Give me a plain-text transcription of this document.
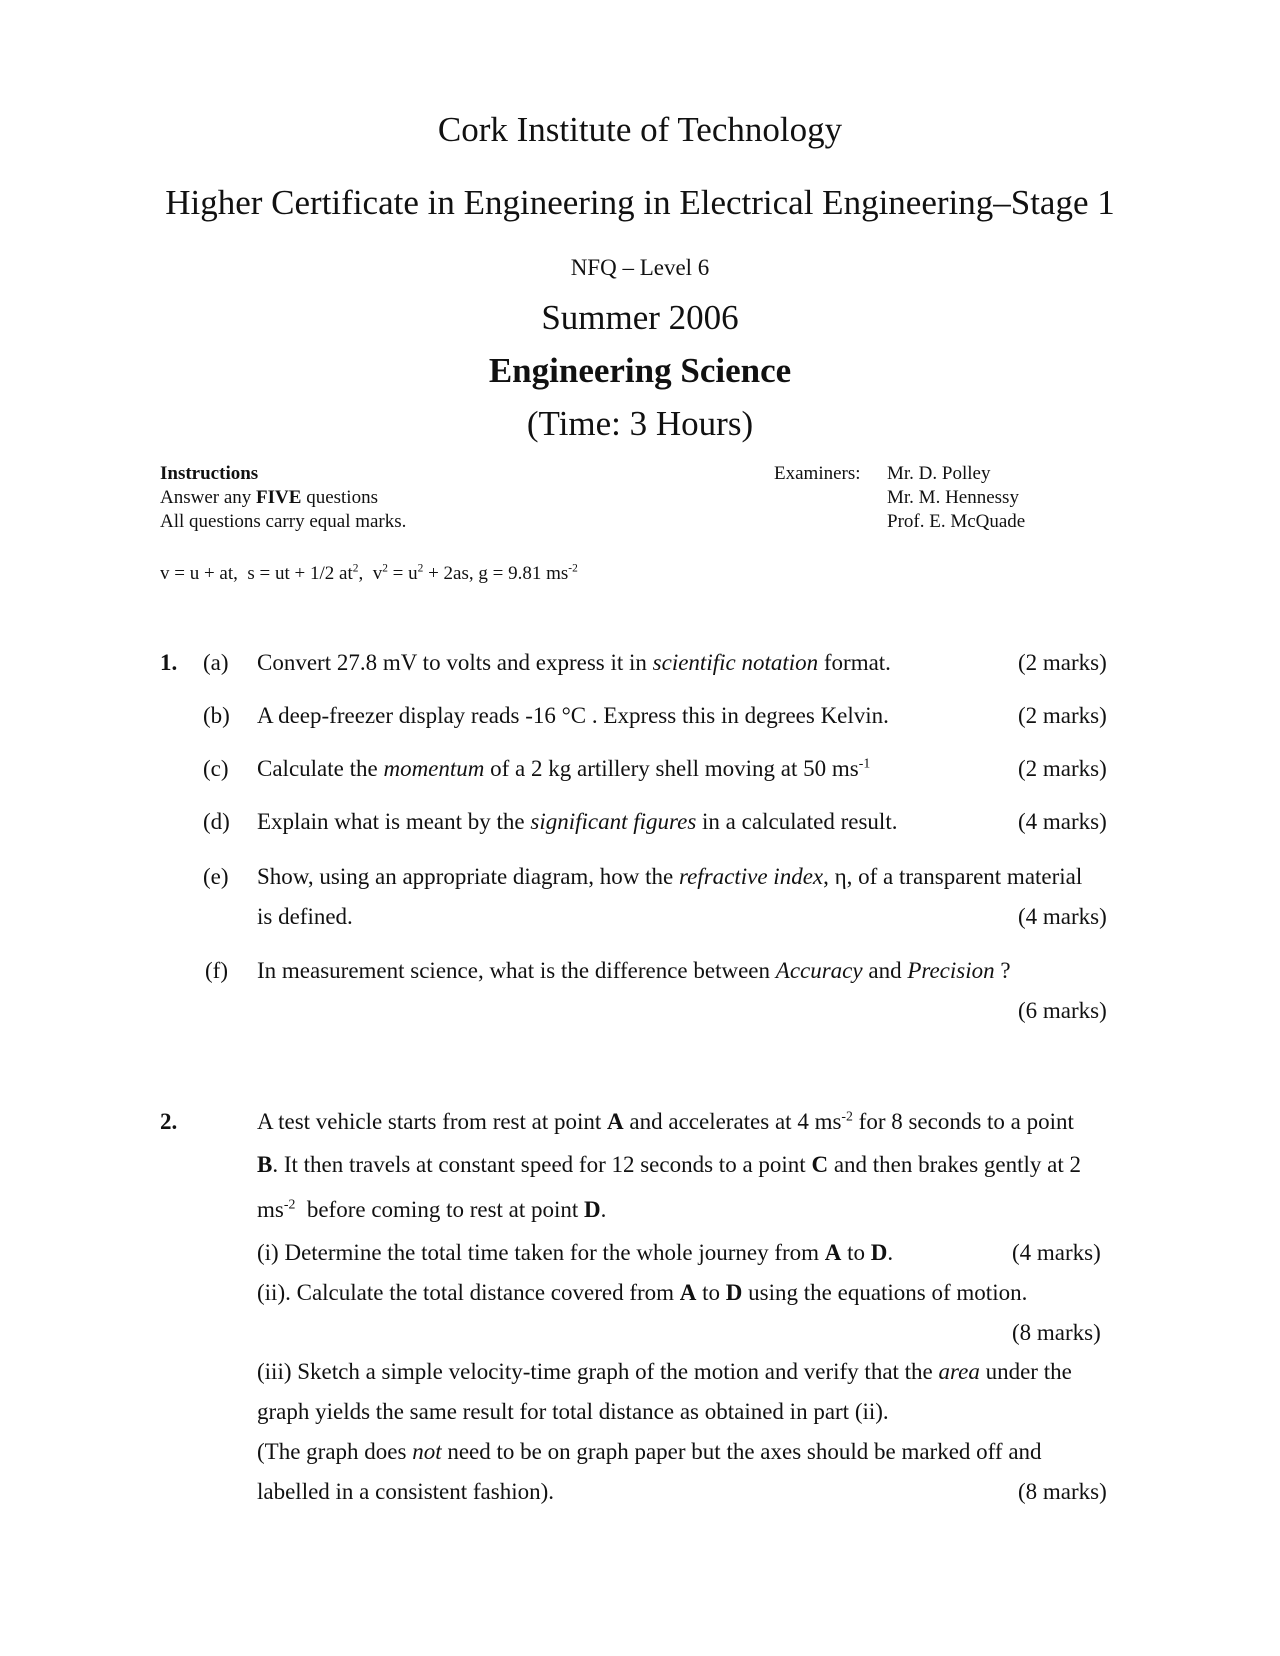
Cork Institute of Technology
Higher Certificate in Engineering in Electrical Engineering–Stage 1
NFQ – Level 6
Summer 2006
Engineering Science
(Time: 3 Hours)
Instructions
Answer any FIVE questions
All questions carry equal marks.
Examiners: Mr. D. Polley
Mr. M. Hennessy
Prof. E. McQuade
v = u + at, s = ut + 1/2 $at^2$, $v^2 = u^2 + 2as$, g = 9.81 $ms^{-2}$
1. (a) Convert 27.8 mV to volts and express it in scientific notation format.	(2 marks)
(b) A deep-freezer display reads -16 °C . Express this in degrees Kelvin.	(2 marks)
(c) Calculate the momentum of a 2 kg artillery shell moving at 50 $ms^{-1}$	(2 marks)
(d) Explain what is meant by the significant figures in a calculated result.	(4 marks)
(e) Show, using an appropriate diagram, how the refractive index, η, of a transparent material
is defined.	(4 marks)
(f) In measurement science, what is the difference between Accuracy and Precision ?
(6 marks)
2.	A test vehicle starts from rest at point A and accelerates at 4 $ms^{-2}$ for 8 seconds to a point
B. It then travels at constant speed for 12 seconds to a point C and then brakes gently at 2
$ms^{-2}$  before coming to rest at point D.
(i) Determine the total time taken for the whole journey from A to D.	(4 marks)
(ii). Calculate the total distance covered from A to D using the equations of motion.
(8 marks)
(iii) Sketch a simple velocity-time graph of the motion and verify that the area under the
graph yields the same result for total distance as obtained in part (ii).
(The graph does not need to be on graph paper but the axes should be marked off and
labelled in a consistent fashion).	(8 marks)
